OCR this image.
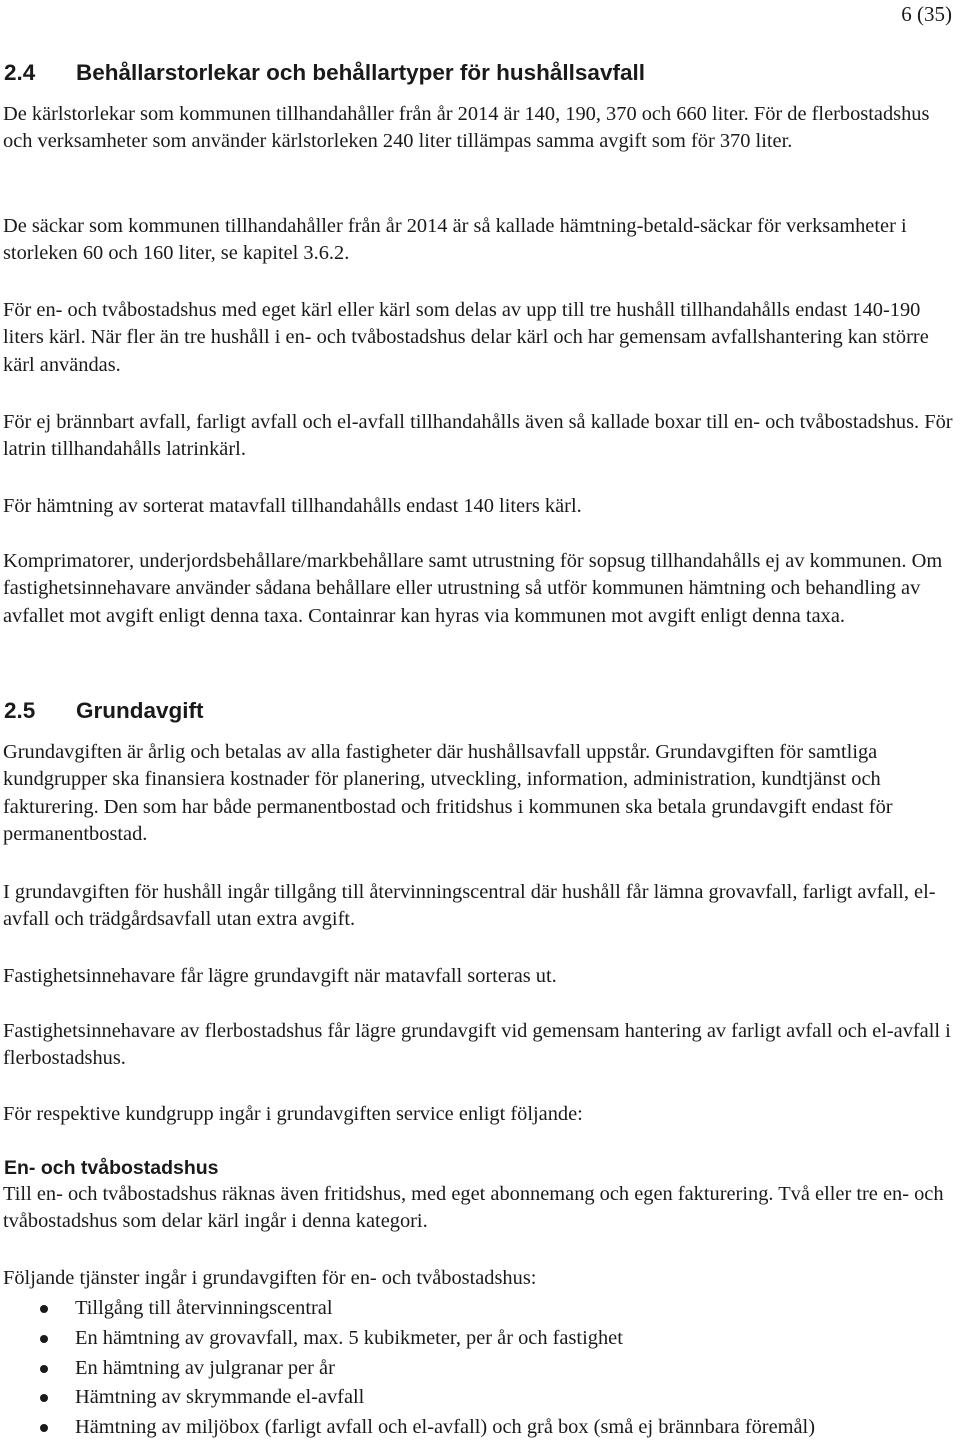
6 (35)
2.4 Behållarstorlekar och behållartyper för hushållsavfall

De kärlstorlekar som kommunen tillhandahåller från år 2014 är 140, 190, 370 och 660 liter. För de flerbostadshus och verksamheter som använder kärlstorleken 240 liter tillämpas samma avgift som för 370 liter.

De säckar som kommunen tillhandahåller från år 2014 är så kallade hämtning-betald-säckar för verksamheter i storleken 60 och 160 liter, se kapitel 3.6.2.

För en- och tvåbostadshus med eget kärl eller kärl som delas av upp till tre hushåll tillhandahålls endast 140-190 liters kärl. När fler än tre hushåll i en- och tvåbostadshus delar kärl och har gemensam avfallshantering kan större kärl användas.

För ej brännbart avfall, farligt avfall och el-avfall tillhandahålls även så kallade boxar till en- och tvåbostadshus. För latrin tillhandahålls latrinkärl.

För hämtning av sorterat matavfall tillhandahålls endast 140 liters kärl.

Komprimatorer, underjordsbehållare/markbehållare samt utrustning för sopsug tillhandahålls ej av kommunen. Om fastighetsinnehavare använder sådana behållare eller utrustning så utför kommunen hämtning och behandling av avfallet mot avgift enligt denna taxa. Containrar kan hyras via kommunen mot avgift enligt denna taxa.

2.5 Grundavgift

Grundavgiften är årlig och betalas av alla fastigheter där hushållsavfall uppstår. Grundavgiften för samtliga kundgrupper ska finansiera kostnader för planering, utveckling, information, administration, kundtjänst och fakturering. Den som har både permanentbostad och fritidshus i kommunen ska betala grundavgift endast för permanentbostad.

I grundavgiften för hushåll ingår tillgång till återvinningscentral där hushåll får lämna grovavfall, farligt avfall, el-avfall och trädgårdsavfall utan extra avgift.

Fastighetsinnehavare får lägre grundavgift när matavfall sorteras ut.

Fastighetsinnehavare av flerbostadshus får lägre grundavgift vid gemensam hantering av farligt avfall och el-avfall i flerbostadshus.

För respektive kundgrupp ingår i grundavgiften service enligt följande:

En- och tvåbostadshus

Till en- och tvåbostadshus räknas även fritidshus, med eget abonnemang och egen fakturering. Två eller tre en- och tvåbostadshus som delar kärl ingår i denna kategori.

Följande tjänster ingår i grundavgiften för en- och tvåbostadshus:

Tillgång till återvinningscentral
En hämtning av grovavfall, max. 5 kubikmeter, per år och fastighet
En hämtning av julgranar per år
Hämtning av skrymmande el-avfall
Hämtning av miljöbox (farligt avfall och el-avfall) och grå box (små ej brännbara föremål)
